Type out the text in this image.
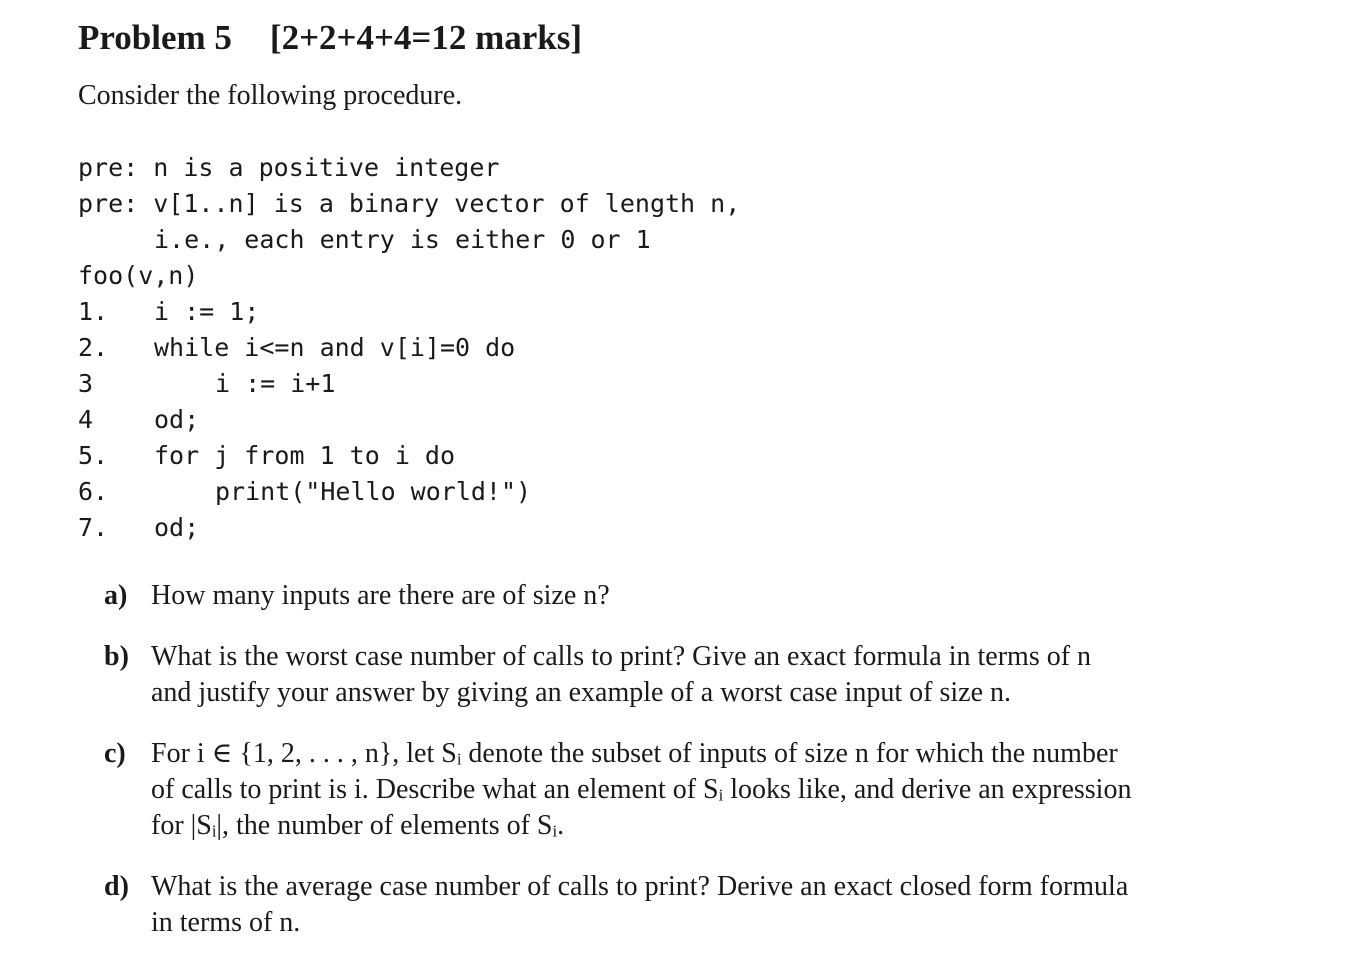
Problem 5 [2+2+4+4=12 marks]
Consider the following procedure.

pre: n is a positive integer

pre: v[1..n] is a binary vector of length n,

i.e., each entry is either 0 or 1

foo(v,n)

1.

i := 1;

2.

while i<=n and v[i]=0 do

3

	i := i+1

4

od;

5.

for j from 1 to i do

6.

	print("Hello world!")

7.

od;

a) How many inputs are there are of size n?
b) What is the worst case number of calls to print? Give an exact formula in terms of n
and justify your answer by giving an example of a worst case input of size n.
c) For i ∈ {1, 2, . . . , n}, let Sᵢ denote the subset of inputs of size n for which the number
of calls to print is i. Describe what an element of Sᵢ looks like, and derive an expression
for |Sᵢ|, the number of elements of Sᵢ.
d) What is the average case number of calls to print? Derive an exact closed form formula
in terms of n.
